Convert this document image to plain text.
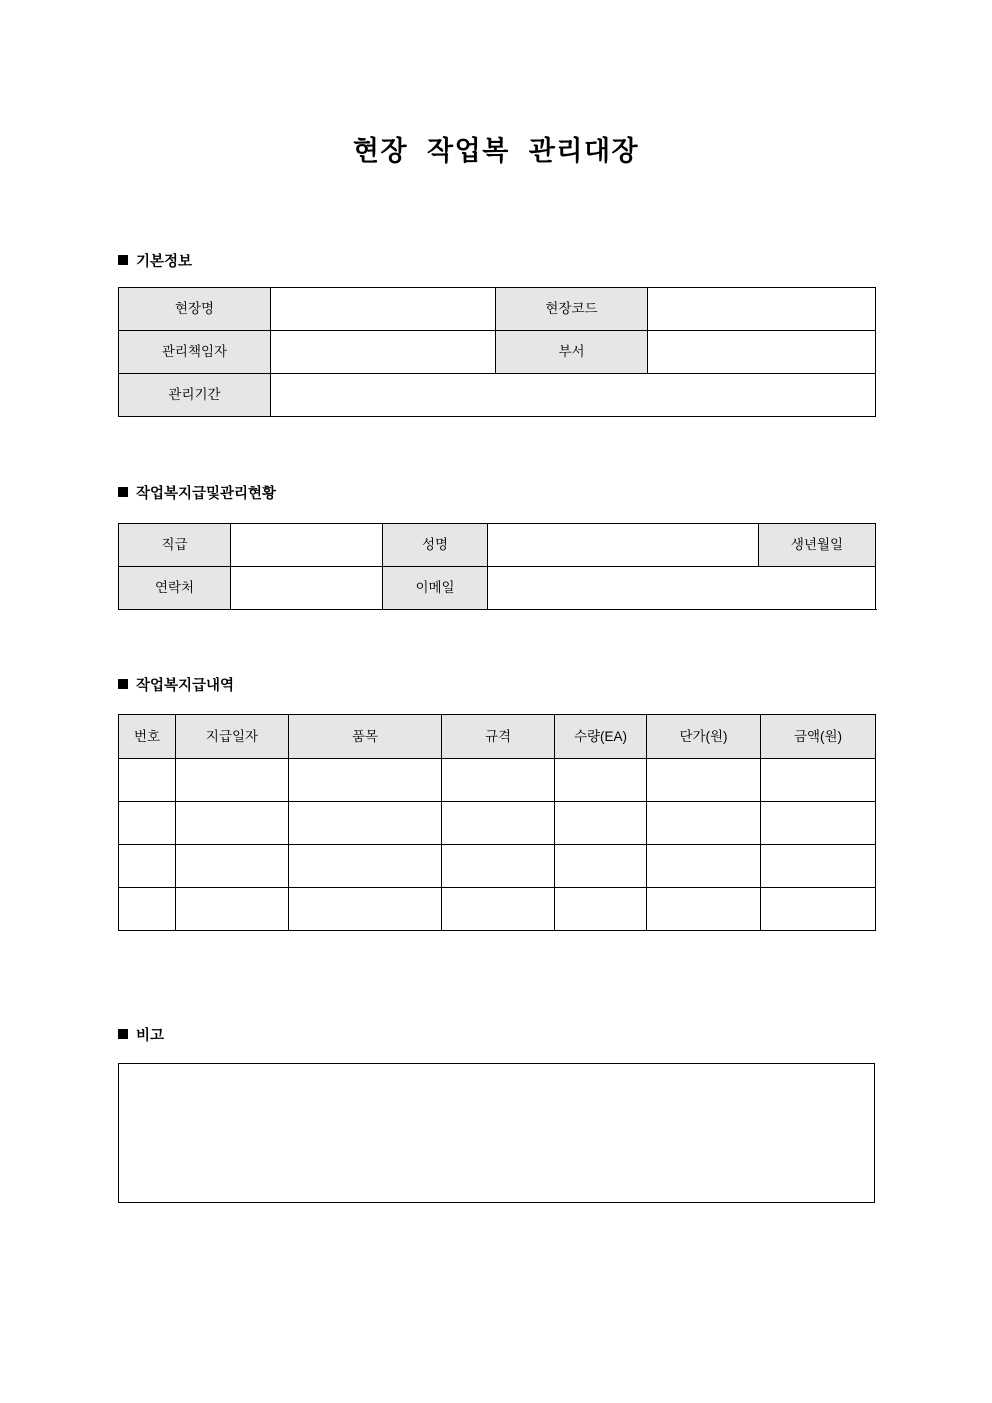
현장 작업복 관리대장
기본정보
현장명		현장코드	
관리책임자		부서	
관리기간			
작업복지급및관리현황
직급		성명		생년월일	
연락처		이메일			
작업복지급내역
번호	지급일자	품목	규격	수량(EA)	단가(원)	금액(원)

비고
